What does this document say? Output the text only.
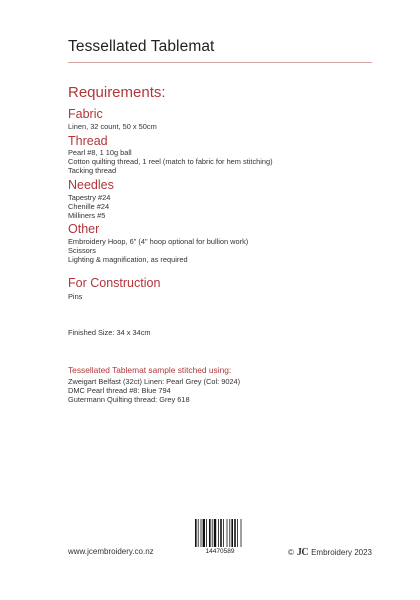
Tessellated Tablemat
Requirements:
Fabric
Linen, 32 count, 50 x 50cm
Thread
Pearl #8, 1 10g ball
Cotton quilting thread, 1 reel (match to fabric for hem stitching)
Tacking thread
Needles
Tapestry #24
Chenille #24
Milliners #5
Other
Embroidery Hoop, 6" (4" hoop optional for bullion work)
Scissors
Lighting & magnification, as required
For Construction
Pins
Finished Size: 34 x 34cm
Tessellated Tablemat sample stitched using:
Zweigart Belfast (32ct) Linen: Pearl Grey (Col: 9024)
DMC Pearl thread #8: Blue 794
Gutermann Quilting thread: Grey 618
14470589
www.jcembroidery.co.nz	© JC Embroidery 2023
